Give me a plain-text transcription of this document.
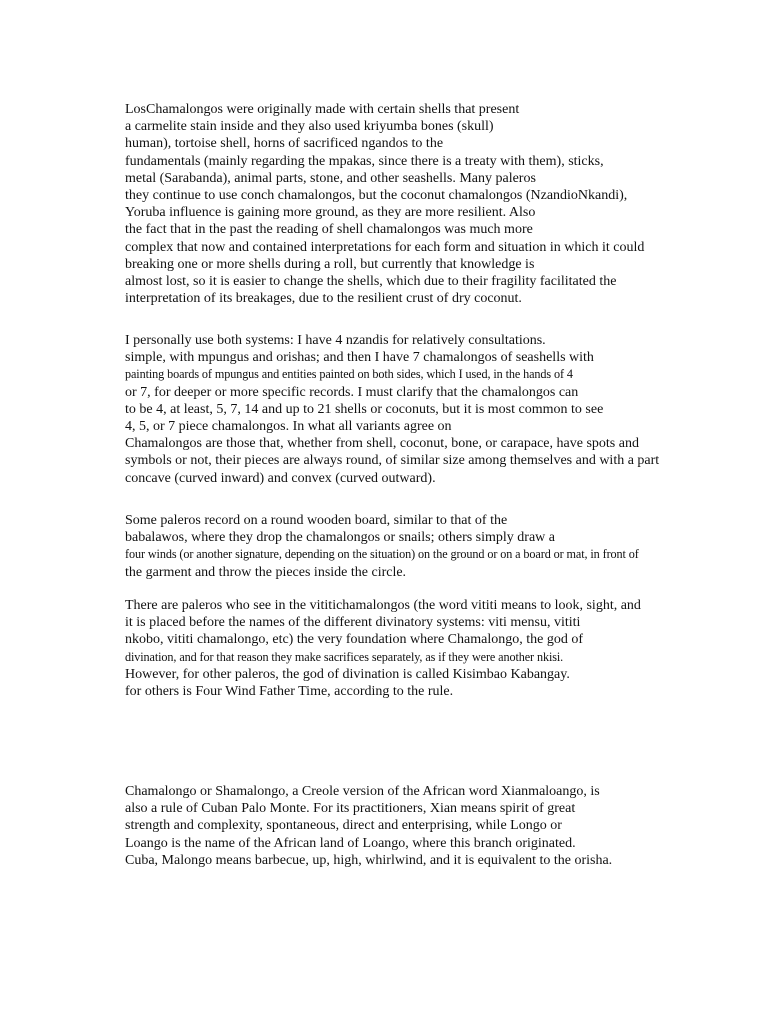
LosChamalongos were originally made with certain shells that present
a carmelite stain inside and they also used kriyumba bones (skull)
human), tortoise shell, horns of sacrificed ngandos to the
fundamentals (mainly regarding the mpakas, since there is a treaty with them), sticks,
metal (Sarabanda), animal parts, stone, and other seashells. Many paleros
they continue to use conch chamalongos, but the coconut chamalongos (NzandioNkandi),
Yoruba influence is gaining more ground, as they are more resilient. Also
the fact that in the past the reading of shell chamalongos was much more
complex that now and contained interpretations for each form and situation in which it could
breaking one or more shells during a roll, but currently that knowledge is
almost lost, so it is easier to change the shells, which due to their fragility facilitated the
interpretation of its breakages, due to the resilient crust of dry coconut.
I personally use both systems: I have 4 nzandis for relatively consultations.
simple, with mpungus and orishas; and then I have 7 chamalongos of seashells with
painting boards of mpungus and entities painted on both sides, which I used, in the hands of 4
or 7, for deeper or more specific records. I must clarify that the chamalongos can
to be 4, at least, 5, 7, 14 and up to 21 shells or coconuts, but it is most common to see
4, 5, or 7 piece chamalongos. In what all variants agree on
Chamalongos are those that, whether from shell, coconut, bone, or carapace, have spots and
symbols or not, their pieces are always round, of similar size among themselves and with a part
concave (curved inward) and convex (curved outward).
Some paleros record on a round wooden board, similar to that of the
babalawos, where they drop the chamalongos or snails; others simply draw a
four winds (or another signature, depending on the situation) on the ground or on a board or mat, in front of
the garment and throw the pieces inside the circle.
There are paleros who see in the vititichamalongos (the word vititi means to look, sight, and
it is placed before the names of the different divinatory systems: viti mensu, vititi
nkobo, vititi chamalongo, etc) the very foundation where Chamalongo, the god of
divination, and for that reason they make sacrifices separately, as if they were another nkisi.
However, for other paleros, the god of divination is called Kisimbao Kabangay.
for others is Four Wind Father Time, according to the rule.
Chamalongo or Shamalongo, a Creole version of the African word Xianmaloango, is
also a rule of Cuban Palo Monte. For its practitioners, Xian means spirit of great
strength and complexity, spontaneous, direct and enterprising, while Longo or
Loango is the name of the African land of Loango, where this branch originated.
Cuba, Malongo means barbecue, up, high, whirlwind, and it is equivalent to the orisha.
